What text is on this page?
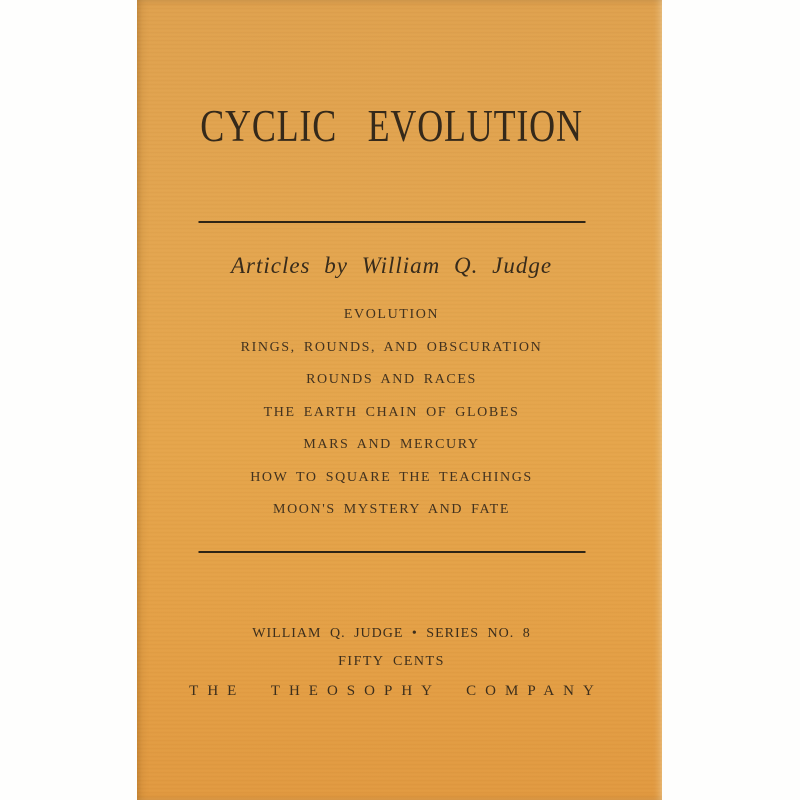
CYCLIC EVOLUTION
Articles by William Q. Judge
EVOLUTION
RINGS, ROUNDS, AND OBSCURATION
ROUNDS AND RACES
THE EARTH CHAIN OF GLOBES
MARS AND MERCURY
HOW TO SQUARE THE TEACHINGS
MOON'S MYSTERY AND FATE
WILLIAM Q. JUDGE • SERIES NO. 8
FIFTY CENTS
THE THEOSOPHY COMPANY
